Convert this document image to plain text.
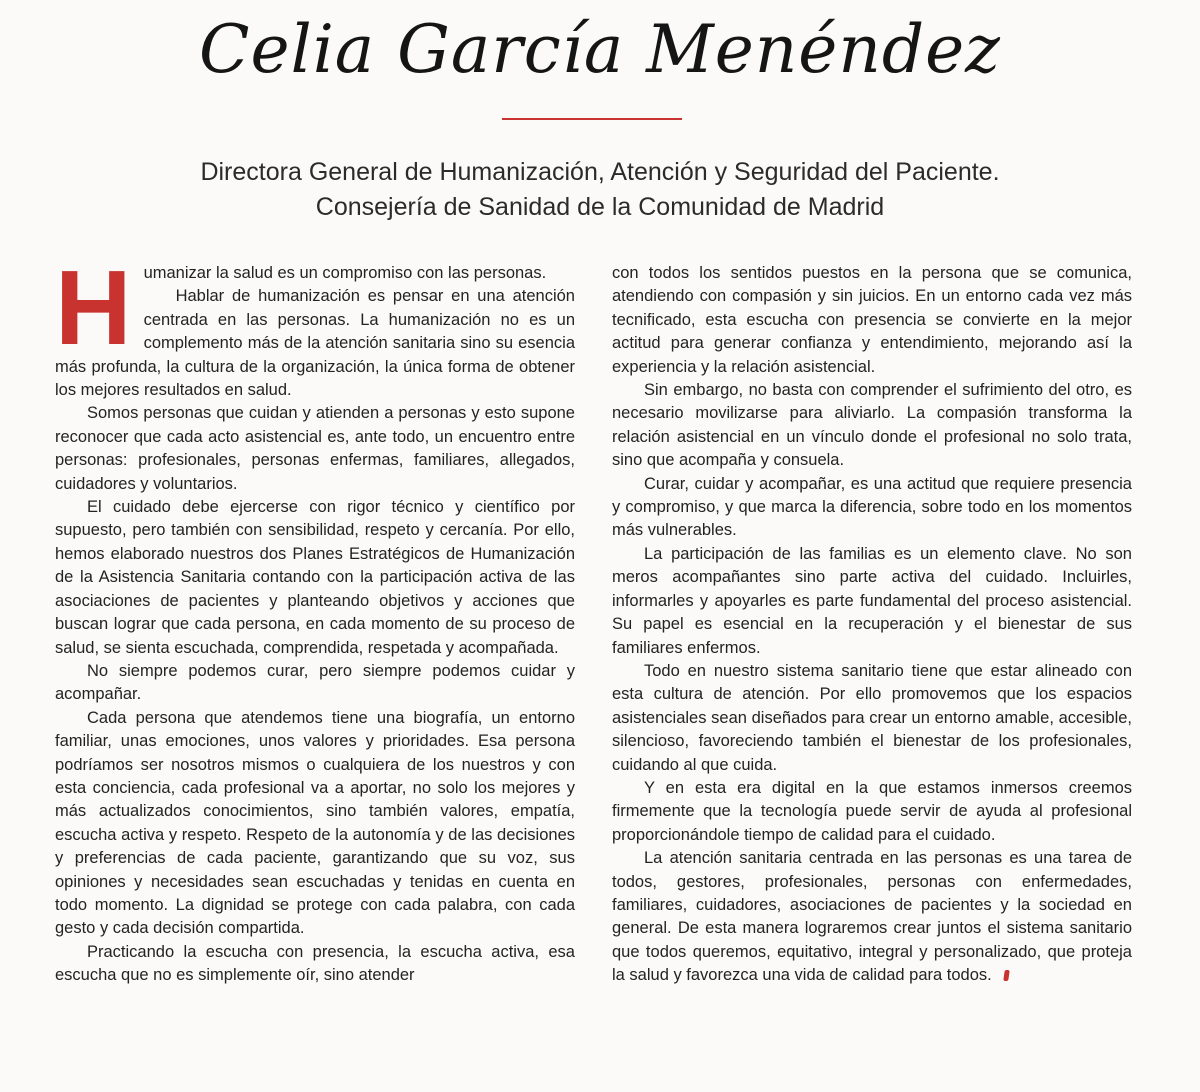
Celia García Menéndez
Directora General de Humanización, Atención y Seguridad del Paciente.
Consejería de Sanidad de la Comunidad de Madrid

Humanizar la salud es un compromiso con las personas.

Hablar de humanización es pensar en una atención centrada en las personas. La humanización no es un complemento más de la atención sanitaria sino su esencia más profunda, la cultura de la organización, la única forma de obtener los mejores resultados en salud.

Somos personas que cuidan y atienden a personas y esto supone reconocer que cada acto asistencial es, ante todo, un encuentro entre personas: profesionales, personas enfermas, familiares, allegados, cuidadores y voluntarios.

El cuidado debe ejercerse con rigor técnico y científico por supuesto, pero también con sensibilidad, respeto y cercanía. Por ello, hemos elaborado nuestros dos Planes Estratégicos de Humanización de la Asistencia Sanitaria contando con la participación activa de las asociaciones de pacientes y planteando objetivos y acciones que buscan lograr que cada persona, en cada momento de su proceso de salud, se sienta escuchada, comprendida, respetada y acompañada.

No siempre podemos curar, pero siempre podemos cuidar y acompañar.

Cada persona que atendemos tiene una biografía, un entorno familiar, unas emociones, unos valores y prioridades. Esa persona podríamos ser nosotros mismos o cualquiera de los nuestros y con esta conciencia, cada profesional va a aportar, no solo los mejores y más actualizados conocimientos, sino también valores, empatía, escucha activa y respeto. Respeto de la autonomía y de las decisiones y preferencias de cada paciente, garantizando que su voz, sus opiniones y necesidades sean escuchadas y tenidas en cuenta en todo momento. La dignidad se protege con cada palabra, con cada gesto y cada decisión compartida.

Practicando la escucha con presencia, la escucha activa, esa escucha que no es simplemente oír, sino atender

con todos los sentidos puestos en la persona que se comunica, atendiendo con compasión y sin juicios. En un entorno cada vez más tecnificado, esta escucha con presencia se convierte en la mejor actitud para generar confianza y entendimiento, mejorando así la experiencia y la relación asistencial.

Sin embargo, no basta con comprender el sufrimiento del otro, es necesario movilizarse para aliviarlo. La compasión transforma la relación asistencial en un vínculo donde el profesional no solo trata, sino que acompaña y consuela.

Curar, cuidar y acompañar, es una actitud que requiere presencia y compromiso, y que marca la diferencia, sobre todo en los momentos más vulnerables.

La participación de las familias es un elemento clave. No son meros acompañantes sino parte activa del cuidado. Incluirles, informarles y apoyarles es parte fundamental del proceso asistencial. Su papel es esencial en la recuperación y el bienestar de sus familiares enfermos.

Todo en nuestro sistema sanitario tiene que estar alineado con esta cultura de atención. Por ello promovemos que los espacios asistenciales sean diseñados para crear un entorno amable, accesible, silencioso, favoreciendo también el bienestar de los profesionales, cuidando al que cuida.

Y en esta era digital en la que estamos inmersos creemos firmemente que la tecnología puede servir de ayuda al profesional proporcionándole tiempo de calidad para el cuidado.

La atención sanitaria centrada en las personas es una tarea de todos, gestores, profesionales, personas con enfermedades, familiares, cuidadores, asociaciones de pacientes y la sociedad en general. De esta manera lograremos crear juntos el sistema sanitario que todos queremos, equitativo, integral y personalizado, que proteja la salud y favorezca una vida de calidad para todos.
